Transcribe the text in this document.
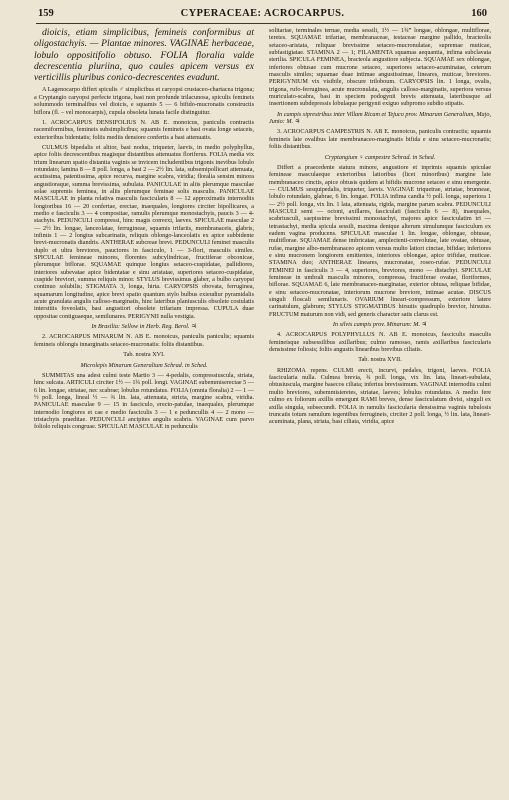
159	CYPERACEAE: ACROCARPUS.	160

dioicis, etiam simplicibus, femineis conformibus at oligostachyis. — Plantae minores. VAGINAE herbaceae, lobulo oppositifolio obtuso. FOLIA floralia valde decrescentia pluriina, quo caules apicem versus ex verticillis pluribus conico-decrescentes evadunt.

A Lagenocarpo differt spiculis ♂ simplicibus et caryopsi crustaceo-chartacea trigona; a Cryptangio caryopsi perfecte trigona, basi non profunde trilacunosa, spiculis femineis solummodo terminalibus vel dioicis, e squamis 5 — 6 bifido-mucronatis constructis biflora (fl. – vel monocarpis), cupula obsoleta lunata facile distinguitur.

1. ACROCARPUS DENSIFOLIUS N. AB E. monoicus, paniculis contractis racemiformibus, femineis subsimplicibus; squamis femineis e basi ovata longe setaceis, exterioribus bidentatis; foliis mediis densiore confertis a basi attenuatis.

CULMUS bipedalis et altior, basi nodus, triqueter, laevis, in medio polyphyllus, apice foliis decrescentibus magisque distantibus attenuatus floriferus. FOLIA media vix trium linearum spatio distantia vaginis se invicem includentibus trigonis inevibus lobulo rotundato; lamina 8 — 8 poll. longa, a basi 2 — 2½ lin. lata, subsemipollicari attenuata, acutissima, patentissima, apice recurva, margine scabra, viridia; floralia sensim minora angustioraque, summa brevissima, subulata. PANICULAE in aliis plerumque masculae solae supremis feminea, in aliis plerumque feminae solis masculis. PANICULAE MASCULAE in planta relativa masculis fascicularis 8 — 12 approximatis internodiis longioribus 16 — 20 confertae, erectae, inaequales, longiores circiter bipollicares, a medio e fasciculis 3 — 4 compositae, ramulis plerumque monostachyis, paucis 3 — 4-stachyis. PEDUNCULI compressi, hinc magis convexi, laeves. SPICULAE masculae 2 — 2½ lin. longae, lanceolatae, ferrugineae, squamis trifariis, membranaceis, glabris, infimis 1 — 2 longius subcarinatis, reliquis oblongo-lanceolatis ex apice subbidente brevi-mucronatis diandris. ANTHERAE subcreae brevi. PEDUNCULI feminei masculis duplo et ultra breviores, pauciores in fasciculo, 1 — 3-flori, masculis similes. SPICULAE femineae minores, florentes subcylindricae, fructiferae obconicae, plerumque biflorae. SQUAMAE quinque longius setaceo-cuspidatae, pallidiores, interiores subevatae apice bidentatae e sinu aristatae, superiores setaceo-cuspidatae, cuspide breviori, summa reliquis minor. STYLUS brevissimus glaber, a bulbo caryopsi continuo solubilis; STIGMATA 3, longa, hirta. CARYOPSIS obovata, ferruginea, squamarum longitudine, apice brevi spatio quantum stylo bulbus exieudiur pyramidalis acute granulata angulis calloso-marginatis, hinc lateribus planiusculis obsolete costulatis intersitiis foveolatis, basi angustiori obsolete trifariam impressa. CUPULA duae oppositae contiguaeque, semilunares. PERIGYNII nulla vestigia.

In Brasilia: Sellow in Herb. Reg. Berol. ♃

2. ACROCARPUS MINARUM N. AB E. monoicus, paniculis paniculis; squamis femineis oblongis innarginatis setaceo-mucronatis: foliis distantibus.

Tab. nostra XVI.

Microlepis Minarum Generalium Schrad. in Sched.

SUMMITAS una adest culmi teste Martio 3 — 4-pedalis, compressiuscula, striata, hinc sulcata. ARTICULI circiter 1½ — 1¾ poll. longi. VAGINAE subemmiserectae 5 — 6 lin. longae, striatae, nec scabrae; lobulus rotundatus. FOLIA (omnia floralia) 2 — 1 — ½ poll. longa, lineal ½ — ¾ lin. lata, attenuata, stricta, margine scabra, viridia. PANICULAE masculae 9 — 15 in fasciculo, erecto-patulae, inaequales, plerumque internodio longiores et cae e medio fasciculis 3 — 1 e peduncullis 4 — 2 mono — tristachyis praeditae. PEDUNCULI ancipites angulis scabris. VAGINAE cum parvo foliolo reliquis congruae. SPICULAE MASCULAE in pedunculis

solitariae, terminales ternae, media sessili, 1½ — 1¾‴ longae, oblongae, multiflorae, teretes. SQUAMAE trifariae, membranaceae, testaceae margine pallido, bracteolis setaceo-aristata, reliquae brevissime setaceo-mucronulatae, supremae muticae, subfastigiatae. STAMINA 2 — 1; FILAMENTA squamas aequantia, infima subclavata sterilia. SPICULA FEMINEA, bracteola angustiore subjecta. SQUAMAE sex oblongae, inferiores obtusae cum mucrone setaceo, superiores setaceo-acuminatae, ceterum masculis similes; squamae duae intimae angustissimae, lineares, muticae, breviores. PERIGYNIUM vix visibile, obscure triloboum. CARYOPSIS lin. 1 longa, ovalis, trigona, rufo-ferruginea, acute mucronulata, angulis calloso-marginatis, superiora versus muriculato-scabra, basi in speciem podogynii brevis attenuata, lateribusque ad insertionem subdepressis lobulaque perigynii exiguo subpromo subdio stipatis.

In campis siprestribus inter Villam Ricam et Tejuco prov. Minarum Generalium, Majo, Junio: M. ♃

3. ACROCARPUS CAMPESTRIS N. AB E. monoicus, paniculis contractis; squamis femineis late ovalibus late membranaceo-marginatis bifida e sinu setaceo-mucronatis; foliis distantibus.

Cryptangium ♀ campestre Schrad. in Sched.

Differt a praecedente statura minore, angustiore et inprimis squamis spiculae femineae masculaeque exterioribus latioribus (licet minoribus) margine late membranaceo cinctis, apice obtusis quidem at bifidis mucrone setaceo e sinu emergente. — CULMUS sesquipedalis, triqueter, laevis. VAGINAE triquetrae, striatae, brunneae, lobulo rotundato, glabrae, 6 lin. longae. FOLIA infima candia ½ poll. longa, superiora 1 — 2½ poll. longa, vix lin. 1 lata, attenuata, rigida, margine parum scabra. PEDUNCULI MASCULI semi — octoni, axillares, fasciculati (fasciculis 6 — 8), inaequales, scabriusculi, saepissime brevissimi monostachyi, majores apice fasciculatim tri — tetrastachyi, media spicula sessili, maxima denique alterum simulumque fasciculum ex eadem vagina producens. SPICULAE masculae 1 lin. longae, oblongae, obtusae, multiflorae. SQUAMAE dense imbricatae, amplectenti-convolutae, late ovatae, obtusae, rufae, margine albo-membranaceo apicem versus multo latiori cinctae, bifidae; inferiores e sinu mucronem longiorem emittentes, interiores oblongae, apice trifidae, muticae. STAMINA duo; ANTHERAE lineares, mucronatae, roseo-rufae. PEDUNCULI FEMINEI in fasciculis 3 — 4, superiores, breviores, mono — distachyi. SPICULAE femineae in umbrali masculis minores, compressa, fructiferae ovatae, floriformes, biflorae. SQUAMAE 6, late membranaceo-marginatae, exterior obtusa, reliquae bifidae, e sinu setaceo-mucronatae, interiorum mucrone breviore, intimae acutae. DISCUS singuli floscali semilunaris. OVARIUM lineari-compressum, exteriore latere carinatulum, glabrum; STYLUS STIGMATIBUS hirsutis quadruplo brevior, hirsutus. FRUCTUM maturum non vidi, sed generis character satis clarus est.

In silvis campis prov. Minarum: M. ♃

4. ACROCARPUS POLYPHYLLUS N. AB E. monoicus, fasciculis masculis femineisque subsessilibus axillaribus; culmo ramosso, ramis axillaribus fascicularis densissime foliosis; foliis angustis linearibus brevibus ciliatis.

Tab. nostra XVII.

RHIZOMA repens. CULMI erecti, incurvi, pedales, trigoni, laeves. FOLIA fascicularia nulla. Culmea brevia, ¾ poll. longa, vix lin. lata, lineari-subulata, obtusiuscula, margine basecos ciliata; inferius brevissimum. VAGINAE internodiis culmi multo breviores, subemmisieretes, striatae, laeves; lobulus rotundatus. A medio fere culmo ex foliorum axillis emergunt RAMI breves, dense fasciculatum divisi, singuli ex axilla singula, subsecundi. FOLIA in ramulis fascicularia densissima vaginis tubulosis truncatis totum ramulum tegentibus ferrugineis, circiter 2 poll. longa, ½ lin. lata, lineari-acuminata, plana, striata, basi ciliata, viridia, apice
